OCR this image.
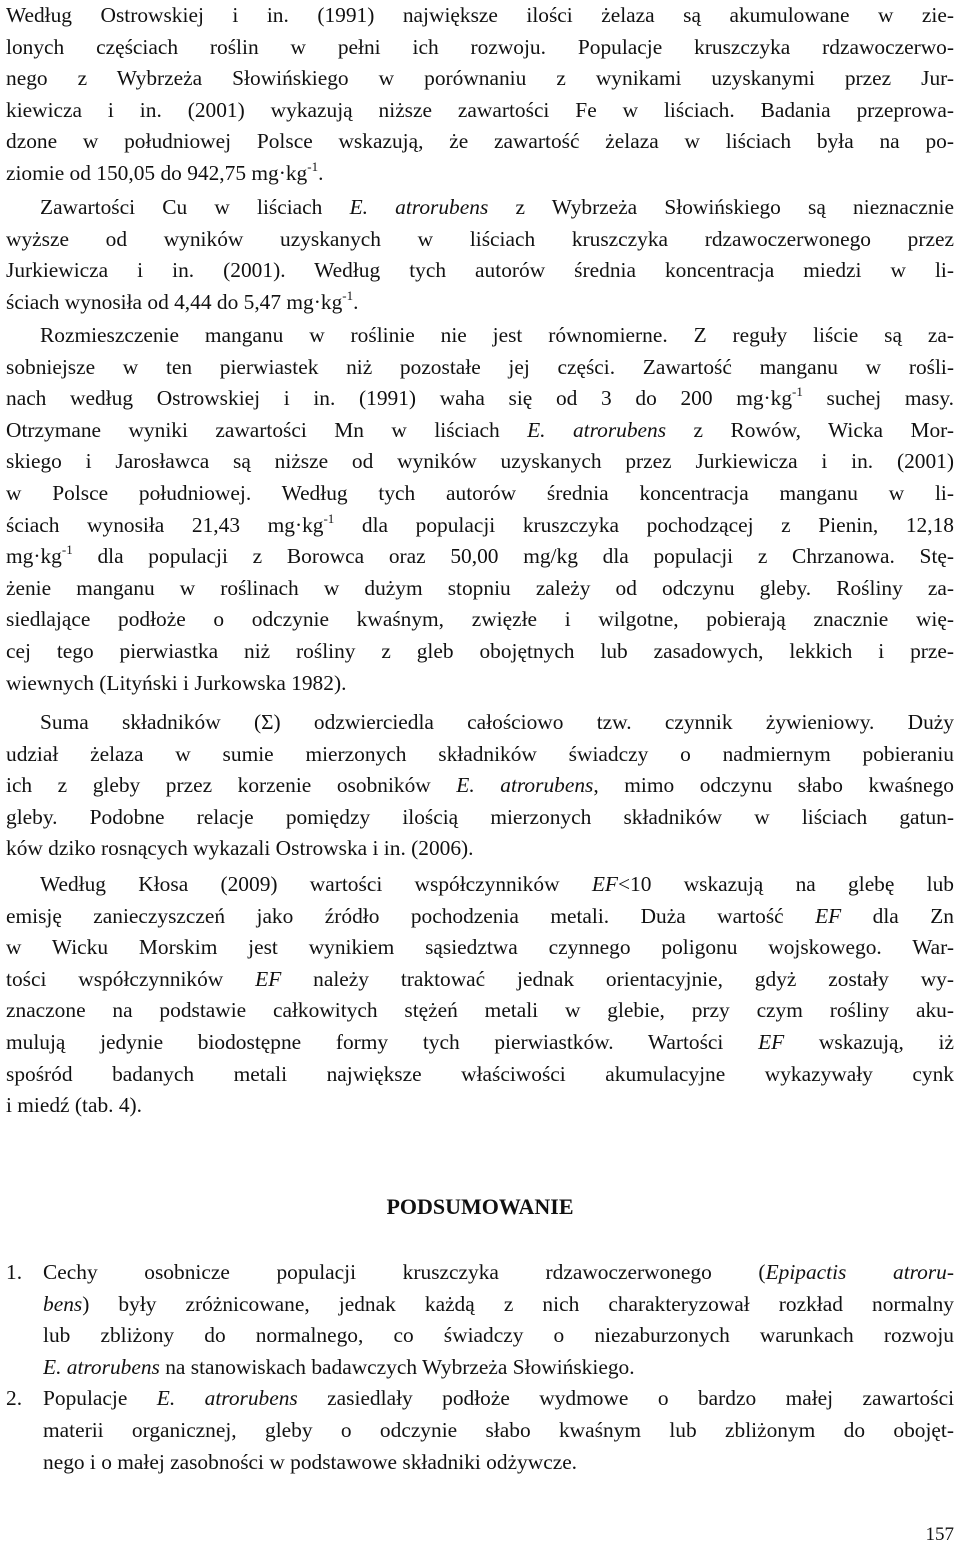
Według Ostrowskiej i in. (1991) największe ilości żelaza są akumulowane w zie-
lonych częściach roślin w pełni ich rozwoju. Populacje kruszczyka rdzawoczerwo-
nego z Wybrzeża Słowińskiego w porównaniu z wynikami uzyskanymi przez Jur-
kiewicza i in. (2001) wykazują niższe zawartości Fe w liściach. Badania przeprowa-
dzone w południowej Polsce wskazują, że zawartość żelaza w liściach była na po-
ziomie od 150,05 do 942,75 $mg\cdot kg^{-1}$.
Zawartości Cu w liściach E. atrorubens z Wybrzeża Słowińskiego są nieznacznie
wyższe od wyników uzyskanych w liściach kruszczyka rdzawoczerwonego przez
Jurkiewicza i in. (2001). Według tych autorów średnia koncentracja miedzi w li-
ściach wynosiła od 4,44 do 5,47 $mg\cdot kg^{-1}$.
Rozmieszczenie manganu w roślinie nie jest równomierne. Z reguły liście są za-
sobniejsze w ten pierwiastek niż pozostałe jej części. Zawartość manganu w rośli-
nach według Ostrowskiej i in. (1991) waha się od 3 do 200 $mg\cdot kg^{-1}$ suchej masy.
Otrzymane wyniki zawartości Mn w liściach E. atrorubens z Rowów, Wicka Mor-
skiego i Jarosławca są niższe od wyników uzyskanych przez Jurkiewicza i in. (2001)
w Polsce południowej. Według tych autorów średnia koncentracja manganu w li-
ściach wynosiła 21,43 $mg\cdot kg^{-1}$ dla populacji kruszczyka pochodzącej z Pienin, 12,18
$mg\cdot kg^{-1}$ dla populacji z Borowca oraz 50,00 mg/kg dla populacji z Chrzanowa. Stę-
żenie manganu w roślinach w dużym stopniu zależy od odczynu gleby. Rośliny za-
siedlające podłoże o odczynie kwaśnym, zwięzłe i wilgotne, pobierają znacznie wię-
cej tego pierwiastka niż rośliny z gleb obojętnych lub zasadowych, lekkich i prze-
wiewnych (Lityński i Jurkowska 1982).
Suma składników (Σ) odzwierciedla całościowo tzw. czynnik żywieniowy. Duży
udział żelaza w sumie mierzonych składników świadczy o nadmiernym pobieraniu
ich z gleby przez korzenie osobników E. atrorubens, mimo odczynu słabo kwaśnego
gleby. Podobne relacje pomiędzy ilością mierzonych składników w liściach gatun-
ków dziko rosnących wykazali Ostrowska i in. (2006).
Według Kłosa (2009) wartości współczynników EF<10 wskazują na glebę lub
emisję zanieczyszczeń jako źródło pochodzenia metali. Duża wartość EF dla Zn
w Wicku Morskim jest wynikiem sąsiedztwa czynnego poligonu wojskowego. War-
tości współczynników EF należy traktować jednak orientacyjnie, gdyż zostały wy-
znaczone na podstawie całkowitych stężeń metali w glebie, przy czym rośliny aku-
mulują jedynie biodostępne formy tych pierwiastków. Wartości EF wskazują, iż
spośród badanych metali największe właściwości akumulacyjne wykazywały cynk
i miedź (tab. 4).
PODSUMOWANIE
1. Cechy osobnicze populacji kruszczyka rdzawoczerwonego (Epipactis atroru-
bens) były zróżnicowane, jednak każdą z nich charakteryzował rozkład normalny
lub zbliżony do normalnego, co świadczy o niezaburzonych warunkach rozwoju
E. atrorubens na stanowiskach badawczych Wybrzeża Słowińskiego.
2. Populacje E. atrorubens zasiedlały podłoże wydmowe o bardzo małej zawartości
materii organicznej, gleby o odczynie słabo kwaśnym lub zbliżonym do obojęt-
nego i o małej zasobności w podstawowe składniki odżywcze.
157
